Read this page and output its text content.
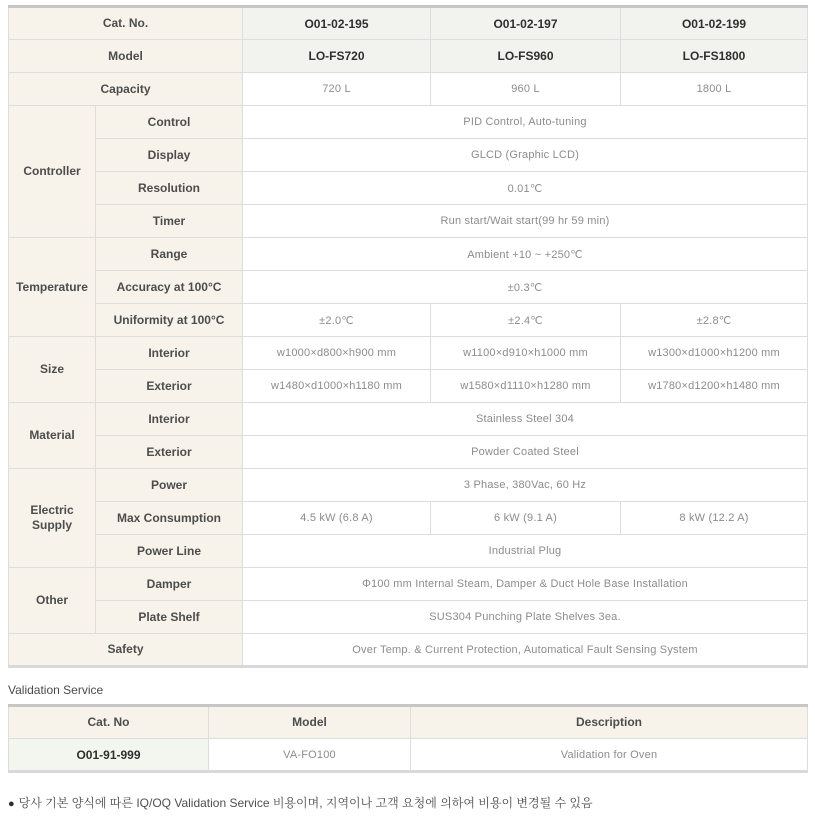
Cat. No.		O01-02-195	O01-02-197	O01-02-199
Model		LO-FS720	LO-FS960	LO-FS1800
Capacity		720 L	960 L	1800 L
Controller	Control	PID Control, Auto-tuning		
	Display	GLCD (Graphic LCD)		
	Resolution	0.01℃		
	Timer	Run start/Wait start(99 hr 59 min)		
Temperature	Range	Ambient +10 ~ +250℃		
	Accuracy at 100°C	±0.3℃		
	Uniformity at 100°C	±2.0℃	±2.4℃	±2.8℃
Size	Interior	w1000×d800×h900 mm	w1100×d910×h1000 mm	w1300×d1000×h1200 mm
	Exterior	w1480×d1000×h1180 mm	w1580×d1110×h1280 mm	w1780×d1200×h1480 mm
Material	Interior	Stainless Steel 304		
	Exterior	Powder Coated Steel		
Electric Supply	Power	3 Phase, 380Vac, 60 Hz		
	Max Consumption	4.5 kW (6.8 A)	6 kW (9.1 A)	8 kW (12.2 A)
	Power Line	Industrial Plug		
Other	Damper	Φ100 mm Internal Steam, Damper & Duct Hole Base Installation		
	Plate Shelf	SUS304 Punching Plate Shelves 3ea.		
Safety		Over Temp. & Current Protection, Automatical Fault Sensing System		
Validation Service
Cat. No	Model	Description
O01-91-999	VA-FO100	Validation for Oven
● 당사 기본 양식에 따른 IQ/OQ Validation Service 비용이며, 지역이나 고객 요청에 의하여 비용이 변경될 수 있음
